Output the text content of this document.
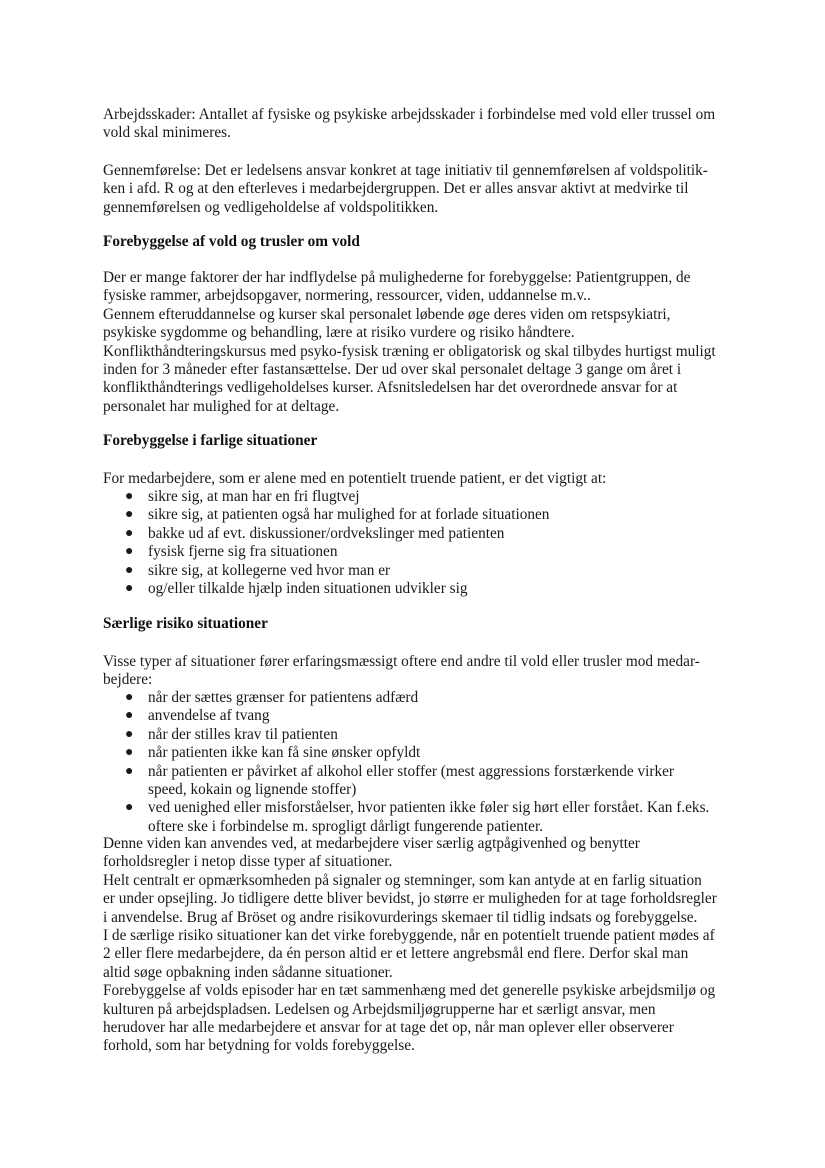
Arbejdsskader: Antallet af fysiske og psykiske arbejdsskader i forbindelse med vold eller trussel om
vold skal minimeres.

Gennemførelse: Det er ledelsens ansvar konkret at tage initiativ til gennemførelsen af voldspolitik-
ken i afd. R og at den efterleves i medarbejdergruppen. Det er alles ansvar aktivt at medvirke til
gennemførelsen og vedligeholdelse af voldspolitikken.

Forebyggelse af vold og trusler om vold

Der er mange faktorer der har indflydelse på mulighederne for forebyggelse: Patientgruppen, de
fysiske rammer, arbejdsopgaver, normering, ressourcer, viden, uddannelse m.v..
Gennem efteruddannelse og kurser skal personalet løbende øge deres viden om retspsykiatri,
psykiske sygdomme og behandling, lære at risiko vurdere og risiko håndtere.
Konflikthåndteringskursus med psyko-fysisk træning er obligatorisk og skal tilbydes hurtigst muligt
inden for 3 måneder efter fastansættelse. Der ud over skal personalet deltage 3 gange om året i
konflikthåndterings vedligeholdelses kurser. Afsnitsledelsen har det overordnede ansvar for at
personalet har mulighed for at deltage.

Forebyggelse i farlige situationer

For medarbejdere, som er alene med en potentielt truende patient, er det vigtigt at:

● sikre sig, at man har en fri flugtvej
● sikre sig, at patienten også har mulighed for at forlade situationen
● bakke ud af evt. diskussioner/ordvekslinger med patienten
● fysisk fjerne sig fra situationen
● sikre sig, at kollegerne ved hvor man er
● og/eller tilkalde hjælp inden situationen udvikler sig
Særlige risiko situationer

Visse typer af situationer fører erfaringsmæssigt oftere end andre til vold eller trusler mod medar-
bejdere:

● når der sættes grænser for patientens adfærd
● anvendelse af tvang
● når der stilles krav til patienten
● når patienten ikke kan få sine ønsker opfyldt
● når patienten er påvirket af alkohol eller stoffer (mest aggressions forstærkende virker
speed, kokain og lignende stoffer)
● ved uenighed eller misforståelser, hvor patienten ikke føler sig hørt eller forstået. Kan f.eks.
oftere ske i forbindelse m. sprogligt dårligt fungerende patienter.

Denne viden kan anvendes ved, at medarbejdere viser særlig agtpågivenhed og benytter
forholdsregler i netop disse typer af situationer.
Helt centralt er opmærksomheden på signaler og stemninger, som kan antyde at en farlig situation
er under opsejling. Jo tidligere dette bliver bevidst, jo større er muligheden for at tage forholdsregler
i anvendelse. Brug af Bröset og andre risikovurderings skemaer til tidlig indsats og forebyggelse.
I de særlige risiko situationer kan det virke forebyggende, når en potentielt truende patient mødes af
2 eller flere medarbejdere, da én person altid er et lettere angrebsmål end flere. Derfor skal man
altid søge opbakning inden sådanne situationer.
Forebyggelse af volds episoder har en tæt sammenhæng med det generelle psykiske arbejdsmiljø og
kulturen på arbejdspladsen. Ledelsen og Arbejdsmiljøgrupperne har et særligt ansvar, men
herudover har alle medarbejdere et ansvar for at tage det op, når man oplever eller observerer
forhold, som har betydning for volds forebyggelse.
